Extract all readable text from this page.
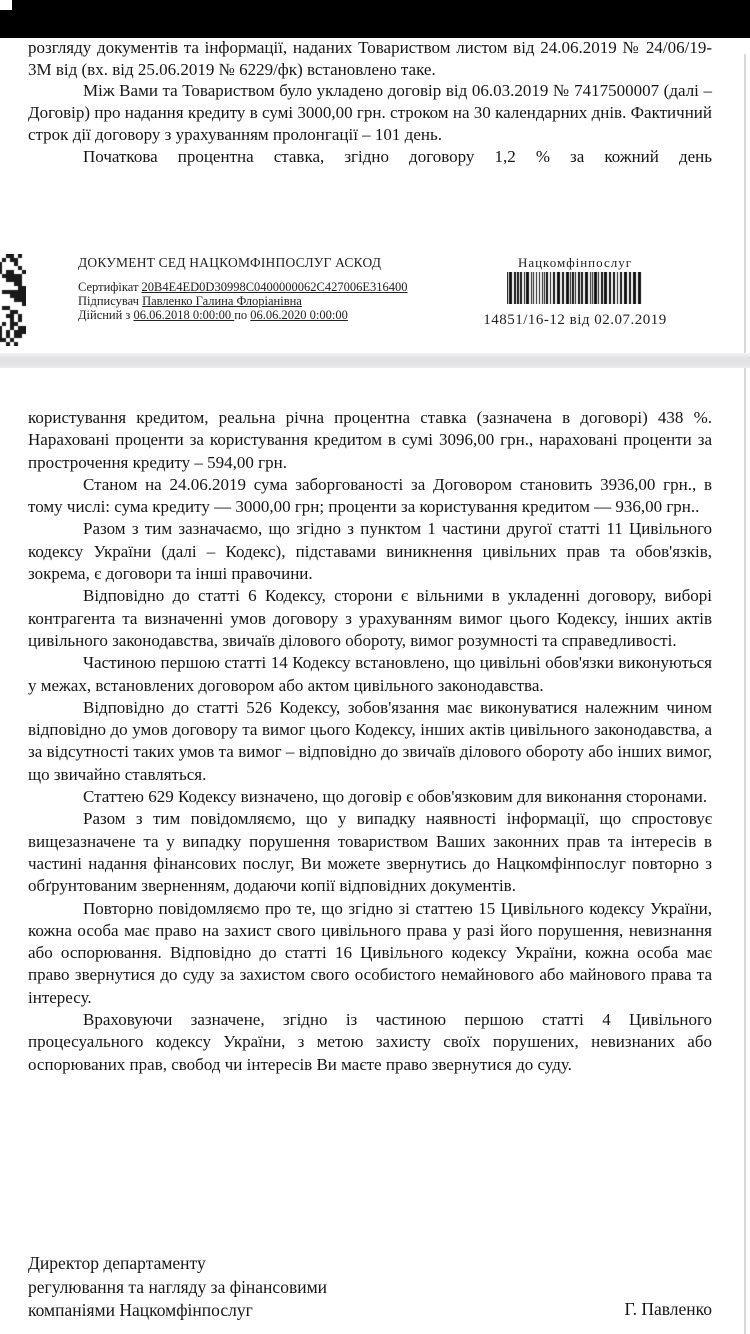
розгляду документів та інформації, наданих Товариством листом від 24.06.2019 № 24/06/19-3М від (вх. від 25.06.2019 № 6229/фк) встановлено таке.

Між Вами та Товариством було укладено договір від 06.03.2019 № 7417500007 (далі – Договір) про надання кредиту в сумі 3000,00 грн. строком на 30 календарних днів. Фактичний строк дії договору з урахуванням пролонгації – 101 день.

Початкова процентна ставка, згідно договору 1,2 % за кожний день

ДОКУМЕНТ СЕД НАЦКОМФІНПОСЛУГ АСКОД
Сертифікат 20B4E4ED0D30998C0400000062C427006E316400
Підписувач Павленко Галина Флоріанівна
Дійсний з 06.06.2018 0:00:00 по 06.06.2020 0:00:00
Нацкомфінпослуг
14851/16-12 від 02.07.2019

користування кредитом, реальна річна процентна ставка (зазначена в договорі) 438 %. Нараховані проценти за користування кредитом в сумі 3096,00 грн., нараховані проценти за прострочення кредиту – 594,00 грн.

Станом на 24.06.2019 сума заборгованості за Договором становить 3936,00 грн., в тому числі: сума кредиту — 3000,00 грн; проценти за користування кредитом — 936,00 грн..

Разом з тим зазначаємо, що згідно з пунктом 1 частини другої статті 11 Цивільного кодексу України (далі – Кодекс), підставами виникнення цивільних прав та обов'язків, зокрема, є договори та інші правочини.

Відповідно до статті 6 Кодексу, сторони є вільними в укладенні договору, виборі контрагента та визначенні умов договору з урахуванням вимог цього Кодексу, інших актів цивільного законодавства, звичаїв ділового обороту, вимог розумності та справедливості.

Частиною першою статті 14 Кодексу встановлено, що цивільні обов'язки виконуються у межах, встановлених договором або актом цивільного законодавства.

Відповідно до статті 526 Кодексу, зобов'язання має виконуватися належним чином відповідно до умов договору та вимог цього Кодексу, інших актів цивільного законодавства, а за відсутності таких умов та вимог – відповідно до звичаїв ділового обороту або інших вимог, що звичайно ставляться.

Статтею 629 Кодексу визначено, що договір є обов'язковим для виконання сторонами.

Разом з тим повідомляємо, що у випадку наявності інформації, що спростовує вищезазначене та у випадку порушення товариством Ваших законних прав та інтересів в частині надання фінансових послуг, Ви можете звернутись до Нацкомфінпослуг повторно з обґрунтованим зверненням, додаючи копії відповідних документів.

Повторно повідомляємо про те, що згідно зі статтею 15 Цивільного кодексу України, кожна особа має право на захист свого цивільного права у разі його порушення, невизнання або оспорювання. Відповідно до статті 16 Цивільного кодексу України, кожна особа має право звернутися до суду за захистом свого особистого немайнового або майнового права та інтересу.

Враховуючи зазначене, згідно із частиною першою статті 4 Цивільного процесуального кодексу України, з метою захисту своїх порушених, невизнаних або оспорюваних прав, свобод чи інтересів Ви маєте право звернутися до суду.

Директор департаменту
регулювання та нагляду за фінансовими
компаніями Нацкомфінпослуг	Г. Павленко
